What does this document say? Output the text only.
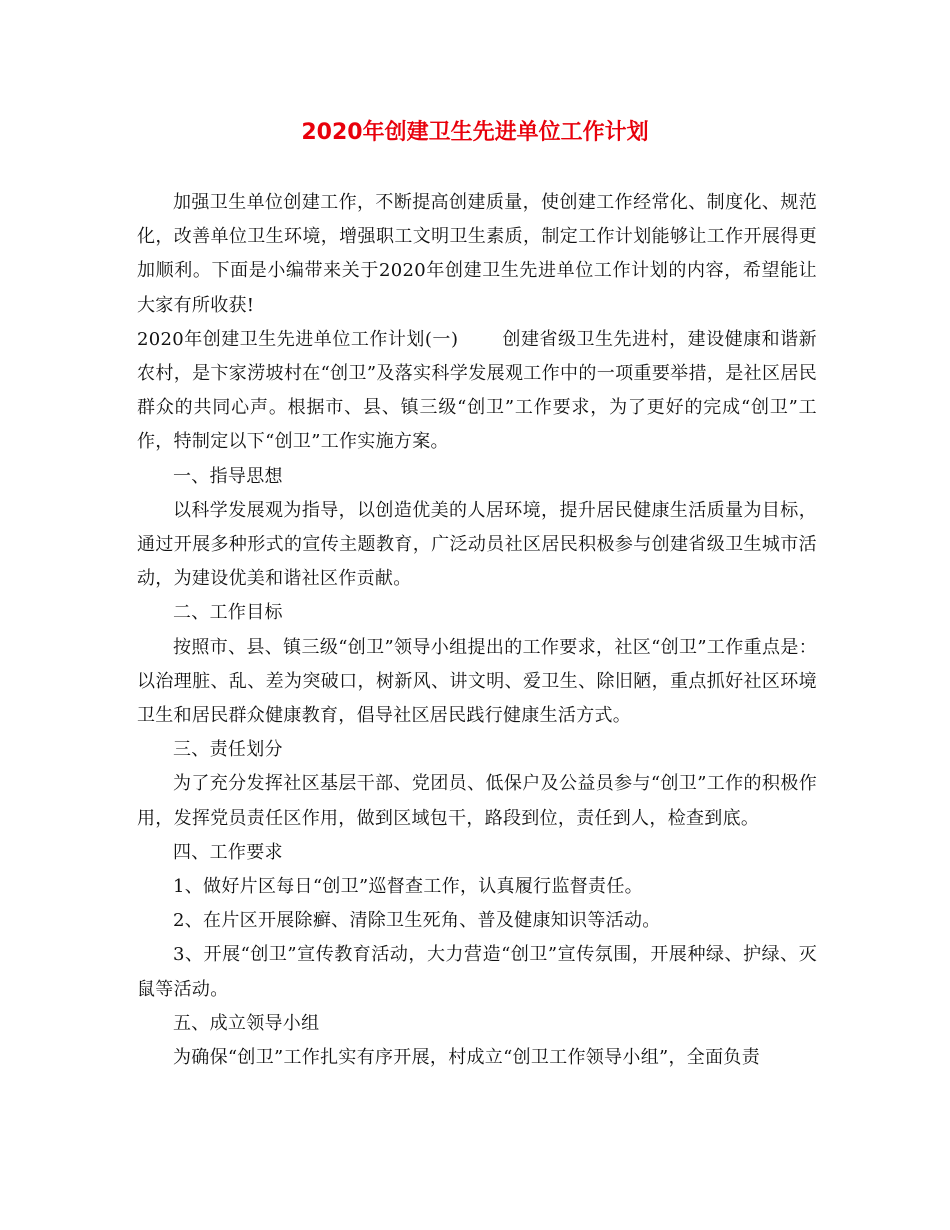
2020年创建卫生先进单位工作计划

加强卫生单位创建工作，不断提高创建质量，使创建工作经常化、制度化、规范化，改善单位卫生环境，增强职工文明卫生素质，制定工作计划能够让工作开展得更加顺利。下面是小编带来关于2020年创建卫生先进单位工作计划的内容，希望能让大家有所收获!

2020年创建卫生先进单位工作计划(一) 创建省级卫生先进村，建设健康和谐新农村，是卞家涝坡村在“创卫”及落实科学发展观工作中的一项重要举措，是社区居民群众的共同心声。根据市、县、镇三级“创卫”工作要求，为了更好的完成“创卫”工作，特制定以下“创卫”工作实施方案。

一、指导思想

以科学发展观为指导，以创造优美的人居环境，提升居民健康生活质量为目标，通过开展多种形式的宣传主题教育，广泛动员社区居民积极参与创建省级卫生城市活动，为建设优美和谐社区作贡献。

二、工作目标

按照市、县、镇三级“创卫”领导小组提出的工作要求，社区“创卫”工作重点是：以治理脏、乱、差为突破口，树新风、讲文明、爱卫生、除旧陋，重点抓好社区环境卫生和居民群众健康教育，倡导社区居民践行健康生活方式。

三、责任划分

为了充分发挥社区基层干部、党团员、低保户及公益员参与“创卫”工作的积极作用，发挥党员责任区作用，做到区域包干，路段到位，责任到人，检查到底。

四、工作要求

1、做好片区每日“创卫”巡督查工作，认真履行监督责任。

2、在片区开展除癣、清除卫生死角、普及健康知识等活动。

3、开展“创卫”宣传教育活动，大力营造“创卫”宣传氛围，开展种绿、护绿、灭鼠等活动。

五、成立领导小组

为确保“创卫”工作扎实有序开展，村成立“创卫工作领导小组”，全面负责
